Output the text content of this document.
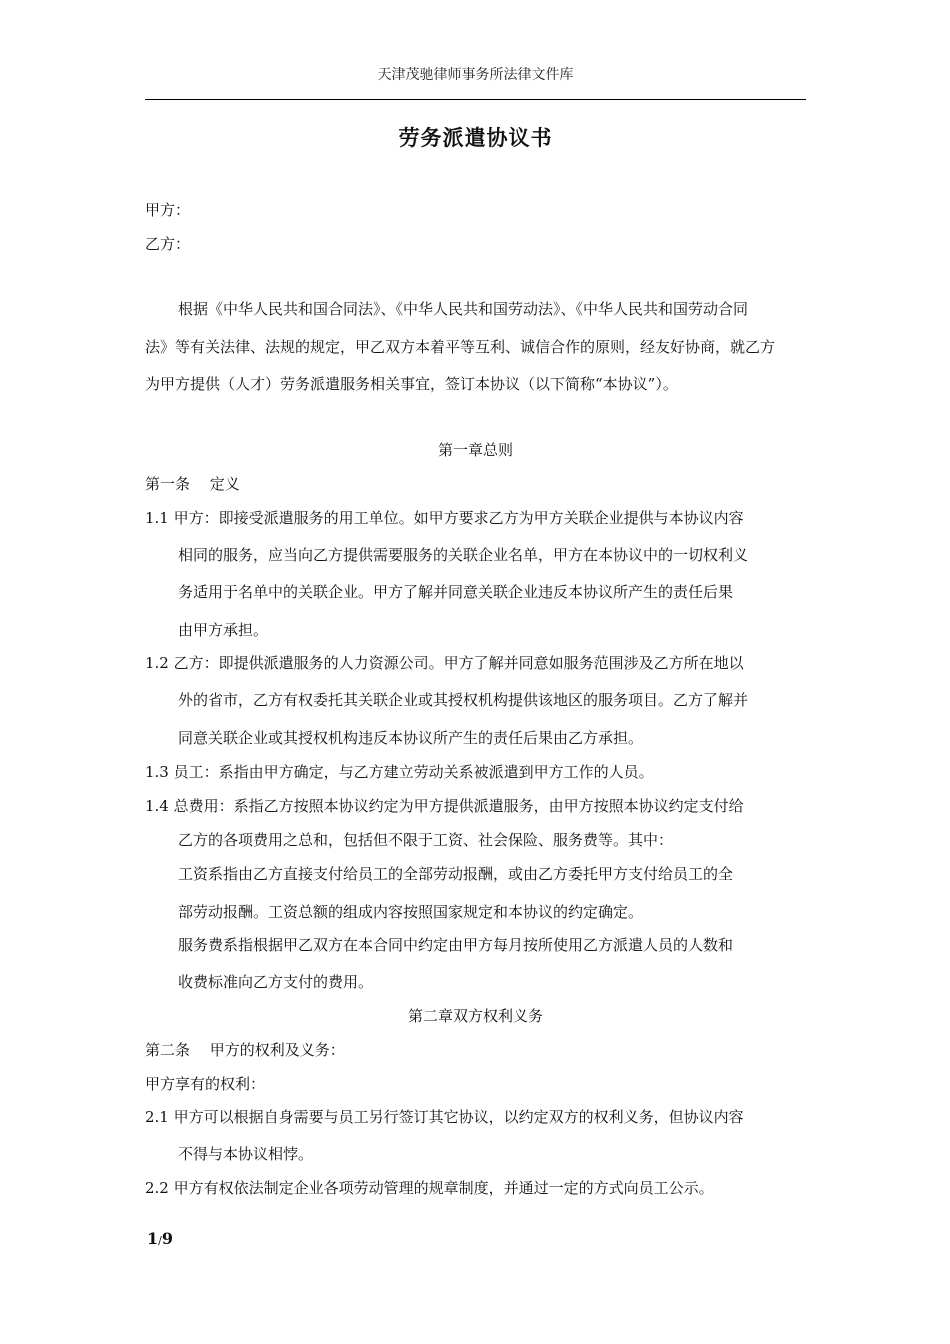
天津茂驰律师事务所法律文件库
劳务派遣协议书
甲方：
乙方：
根据《中华人民共和国合同法》、《中华人民共和国劳动法》、《中华人民共和国劳动合同
法》等有关法律、法规的规定，甲乙双方本着平等互利、诚信合作的原则，经友好协商，就乙方
为甲方提供（人才）劳务派遣服务相关事宜，签订本协议（以下简称“本协议”）。
第一章总则
第一条　 定义
1.1 甲方：即接受派遣服务的用工单位。如甲方要求乙方为甲方关联企业提供与本协议内容
相同的服务，应当向乙方提供需要服务的关联企业名单，甲方在本协议中的一切权利义
务适用于名单中的关联企业。甲方了解并同意关联企业违反本协议所产生的责任后果
由甲方承担。
1.2 乙方：即提供派遣服务的人力资源公司。甲方了解并同意如服务范围涉及乙方所在地以
外的省市，乙方有权委托其关联企业或其授权机构提供该地区的服务项目。乙方了解并
同意关联企业或其授权机构违反本协议所产生的责任后果由乙方承担。
1.3 员工：系指由甲方确定，与乙方建立劳动关系被派遣到甲方工作的人员。
1.4 总费用：系指乙方按照本协议约定为甲方提供派遣服务，由甲方按照本协议约定支付给
乙方的各项费用之总和，包括但不限于工资、社会保险、服务费等。其中：
工资系指由乙方直接支付给员工的全部劳动报酬，或由乙方委托甲方支付给员工的全
部劳动报酬。工资总额的组成内容按照国家规定和本协议的约定确定。
服务费系指根据甲乙双方在本合同中约定由甲方每月按所使用乙方派遣人员的人数和
收费标准向乙方支付的费用。
第二章双方权利义务
第二条　 甲方的权利及义务：
甲方享有的权利：
2.1 甲方可以根据自身需要与员工另行签订其它协议，以约定双方的权利义务，但协议内容
不得与本协议相悖。
2.2 甲方有权依法制定企业各项劳动管理的规章制度，并通过一定的方式向员工公示。
1/9
